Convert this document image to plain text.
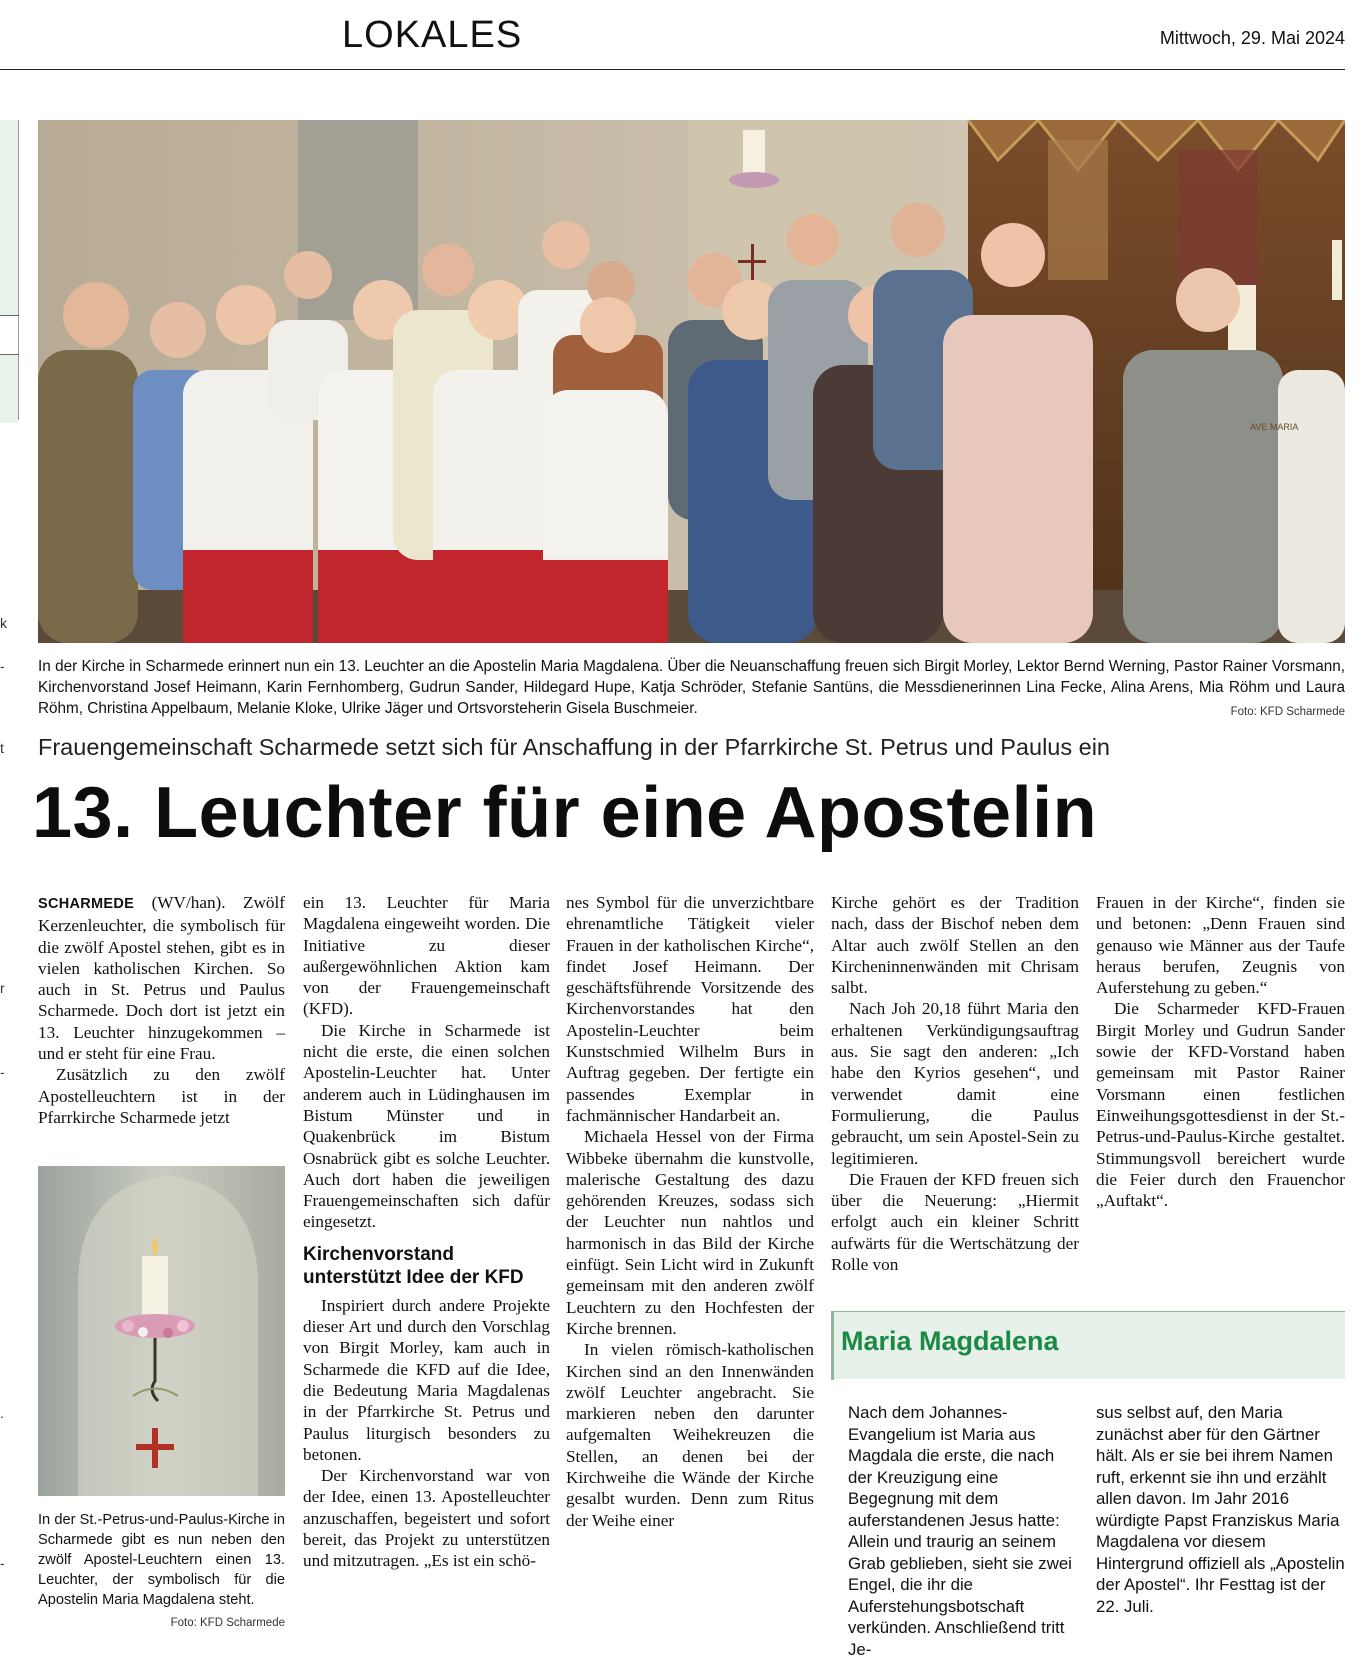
LOKALES	Mittwoch, 29. Mai 2024
k
-
t
r
-
.
-
AVE MARIA
In der Kirche in Scharmede erinnert nun ein 13. Leuchter an die Apostelin Maria Magdalena. Über die Neuanschaffung freuen sich Birgit Morley, Lektor Bernd Werning, Pastor Rainer Vorsmann, Kirchenvorstand Josef Heimann, Karin Fernhomberg, Gudrun Sander, Hildegard Hupe, Katja Schröder, Stefanie Santüns, die Messdienerinnen Lina Fecke, Alina Arens, Mia Röhm und Laura Röhm, Christina Appelbaum, Melanie Kloke, Ulrike Jäger und Ortsvorsteherin Gisela Buschmeier.	Foto: KFD Scharmede
Frauengemeinschaft Scharmede setzt sich für Anschaffung in der Pfarrkirche St. Petrus und Paulus ein
13. Leuchter für eine Apostelin

SCHARMEDE (WV/han). Zwölf Kerzenleuchter, die symbolisch für die zwölf Apostel stehen, gibt es in vielen katholischen Kirchen. So auch in St. Petrus und Paulus Scharmede. Doch dort ist jetzt ein 13. Leuchter hinzugekommen – und er steht für eine Frau.

Zusätzlich zu den zwölf Apostelleuchtern ist in der Pfarrkirche Scharmede jetzt

In der St.-Petrus-und-Paulus-Kirche in Scharmede gibt es nun neben den zwölf Apostel-Leuchtern einen 13. Leuchter, der symbolisch für die Apostelin Maria Magdalena steht.
Foto: KFD Scharmede

ein 13. Leuchter für Maria Magdalena eingeweiht worden. Die Initiative zu dieser außergewöhnlichen Aktion kam von der Frauengemeinschaft (KFD).

Die Kirche in Scharmede ist nicht die erste, die einen solchen Apostelin-Leuchter hat. Unter anderem auch in Lüdinghausen im Bistum Münster und in Quakenbrück im Bistum Osnabrück gibt es solche Leuchter. Auch dort haben die jeweiligen Frauengemeinschaften sich dafür eingesetzt.

Kirchenvorstand unterstützt Idee der KFD

Inspiriert durch andere Projekte dieser Art und durch den Vorschlag von Birgit Morley, kam auch in Scharmede die KFD auf die Idee, die Bedeutung Maria Magdalenas in der Pfarrkirche St. Petrus und Paulus liturgisch besonders zu betonen.

Der Kirchenvorstand war von der Idee, einen 13. Apostelleuchter anzuschaffen, begeistert und sofort bereit, das Projekt zu unterstützen und mitzutragen. „Es ist ein schö-

nes Symbol für die unverzichtbare ehrenamtliche Tätigkeit vieler Frauen in der katholischen Kirche“, findet Josef Heimann. Der geschäftsführende Vorsitzende des Kirchenvorstandes hat den Apostelin-Leuchter beim Kunstschmied Wilhelm Burs in Auftrag gegeben. Der fertigte ein passendes Exemplar in fachmännischer Handarbeit an.

Michaela Hessel von der Firma Wibbeke übernahm die kunstvolle, malerische Gestaltung des dazu gehörenden Kreuzes, sodass sich der Leuchter nun nahtlos und harmonisch in das Bild der Kirche einfügt. Sein Licht wird in Zukunft gemeinsam mit den anderen zwölf Leuchtern zu den Hochfesten der Kirche brennen.

In vielen römisch-katholischen Kirchen sind an den Innenwänden zwölf Leuchter angebracht. Sie markieren neben den darunter aufgemalten Weihekreuzen die Stellen, an denen bei der Kirchweihe die Wände der Kirche gesalbt wurden. Denn zum Ritus der Weihe einer

Kirche gehört es der Tradition nach, dass der Bischof neben dem Altar auch zwölf Stellen an den Kircheninnenwänden mit Chrisam salbt.

Nach Joh 20,18 führt Maria den erhaltenen Verkündigungsauftrag aus. Sie sagt den anderen: „Ich habe den Kyrios gesehen“, und verwendet damit eine Formulierung, die Paulus gebraucht, um sein Apostel-Sein zu legitimieren.

Die Frauen der KFD freuen sich über die Neuerung: „Hiermit erfolgt auch ein kleiner Schritt aufwärts für die Wertschätzung der Rolle von

Frauen in der Kirche“, finden sie und betonen: „Denn Frauen sind genauso wie Männer aus der Taufe heraus berufen, Zeugnis von Auferstehung zu geben.“

Die Scharmeder KFD-Frauen Birgit Morley und Gudrun Sander sowie der KFD-Vorstand haben gemeinsam mit Pastor Rainer Vorsmann einen festlichen Einweihungsgottesdienst in der St.-Petrus-und-Paulus-Kirche gestaltet. Stimmungsvoll bereichert wurde die Feier durch den Frauenchor „Auftakt“.

Maria Magdalena
Nach dem Johannes-Evangelium ist Maria aus Magdala die erste, die nach der Kreuzigung eine Begegnung mit dem auferstandenen Jesus hatte: Allein und traurig an seinem Grab geblieben, sieht sie zwei Engel, die ihr die Auferstehungsbotschaft verkünden. Anschließend tritt Je-
sus selbst auf, den Maria zunächst aber für den Gärtner hält. Als er sie bei ihrem Namen ruft, erkennt sie ihn und erzählt allen davon. Im Jahr 2016 würdigte Papst Franziskus Maria Magdalena vor diesem Hintergrund offiziell als „Apostelin der Apostel“. Ihr Festtag ist der 22. Juli.
